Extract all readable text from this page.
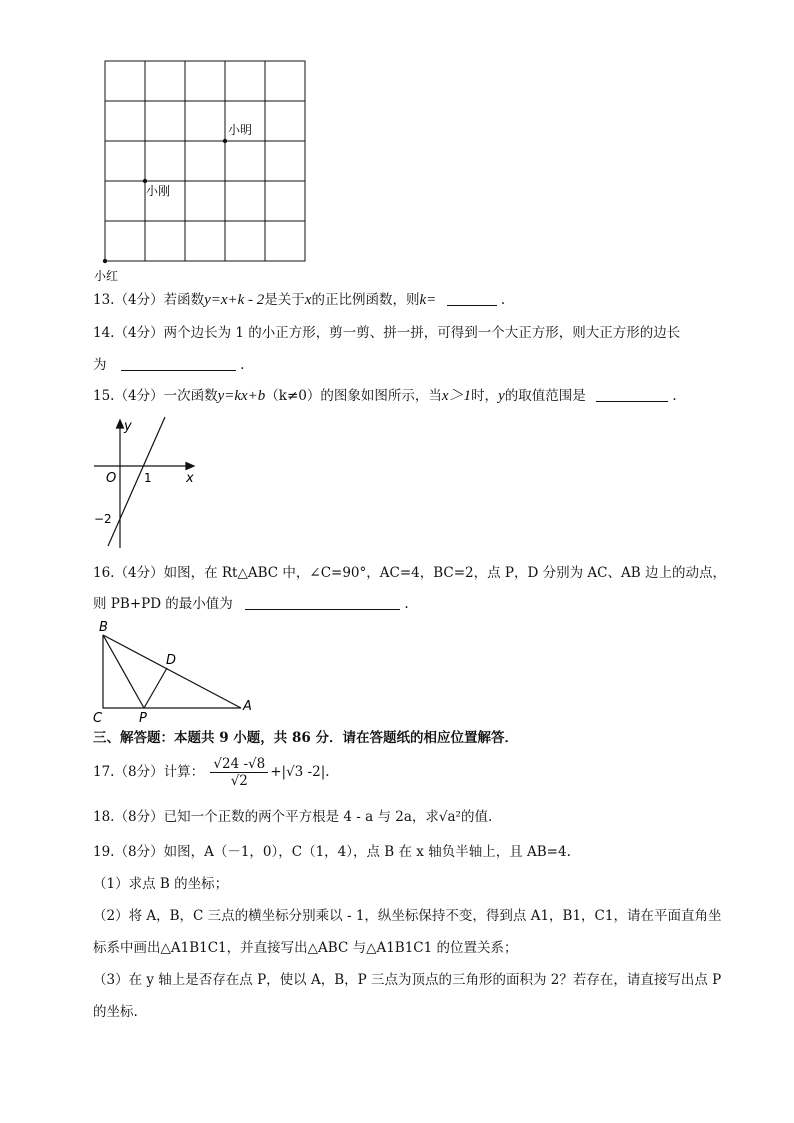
小明
小刚
小红
13.（4分）若函数y=x+k - 2是关于x的正比例函数，则k=	.
14.（4分）两个边长为 1 的小正方形，剪一剪、拼一拼，可得到一个大正方形，则大正方形的边长
为	.
15.（4分）一次函数y=kx+b（k≠0）的图象如图所示，当x＞1时，y的取值范围是	.
y
x
O 1
−2
16.（4分）如图，在 Rt△ABC 中，∠C=90°，AC=4，BC=2，点 P，D 分别为 AC、AB 边上的动点，
则 PB+PD 的最小值为	.
B
C	P
D
A
三、解答题：本题共 9 小题，共 86 分．请在答题纸的相应位置解答．
17.（8分）计算： $\frac{√24 -√8}{√2} +|√3$ -2|.
18.（8分）已知一个正数的两个平方根是 4 - a 与 2a，求√a²的值.
19.（8分）如图，A（－1，0），C（1，4），点 B 在 x 轴负半轴上，且 AB=4.
（1）求点 B 的坐标；
（2）将 A，B，C 三点的横坐标分别乘以 - 1，纵坐标保持不变，得到点 A1，B1，C1，请在平面直角坐
标系中画出△A1B1C1，并直接写出△ABC 与△A1B1C1 的位置关系；
（3）在 y 轴上是否存在点 P，使以 A，B，P 三点为顶点的三角形的面积为 2？若存在，请直接写出点 P
的坐标.
